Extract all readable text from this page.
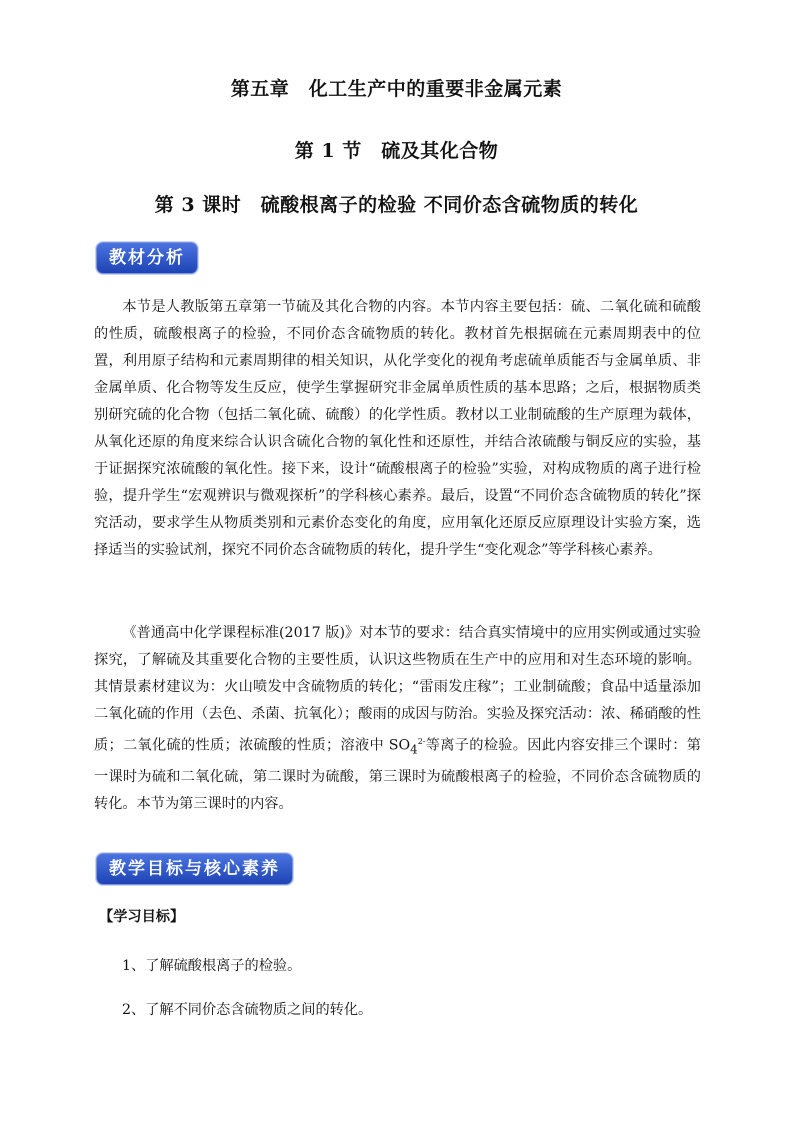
第五章　化工生产中的重要非金属元素
第 1 节　硫及其化合物
第 3 课时　硫酸根离子的检验 不同价态含硫物质的转化
教材分析

本节是人教版第五章第一节硫及其化合物的内容。本节内容主要包括：硫、二氧化硫和硫酸的性质，硫酸根离子的检验，不同价态含硫物质的转化。教材首先根据硫在元素周期表中的位置，利用原子结构和元素周期律的相关知识，从化学变化的视角考虑硫单质能否与金属单质、非金属单质、化合物等发生反应，使学生掌握研究非金属单质性质的基本思路；之后，根据物质类别研究硫的化合物（包括二氧化硫、硫酸）的化学性质。教材以工业制硫酸的生产原理为载体，从氧化还原的角度来综合认识含硫化合物的氧化性和还原性，并结合浓硫酸与铜反应的实验，基于证据探究浓硫酸的氧化性。接下来，设计“硫酸根离子的检验”实验，对构成物质的离子进行检验，提升学生“宏观辨识与微观探析”的学科核心素养。最后，设置“不同价态含硫物质的转化”探究活动，要求学生从物质类别和元素价态变化的角度，应用氧化还原反应原理设计实验方案，选择适当的实验试剂，探究不同价态含硫物质的转化，提升学生“变化观念”等学科核心素养。

《普通高中化学课程标准(2017 版)》对本节的要求：结合真实情境中的应用实例或通过实验探究，了解硫及其重要化合物的主要性质，认识这些物质在生产中的应用和对生态环境的影响。其情景素材建议为：火山喷发中含硫物质的转化；“雷雨发庄稼”；工业制硫酸；食品中适量添加二氧化硫的作用（去色、杀菌、抗氧化）；酸雨的成因与防治。实验及探究活动：浓、稀硝酸的性质；二氧化硫的性质；浓硫酸的性质；溶液中 $SO_4^{2-}$等离子的检验。因此内容安排三个课时：第一课时为硫和二氧化硫，第二课时为硫酸，第三课时为硫酸根离子的检验，不同价态含硫物质的转化。本节为第三课时的内容。

教学目标与核心素养
【学习目标】
1、了解硫酸根离子的检验。
2、了解不同价态含硫物质之间的转化。
